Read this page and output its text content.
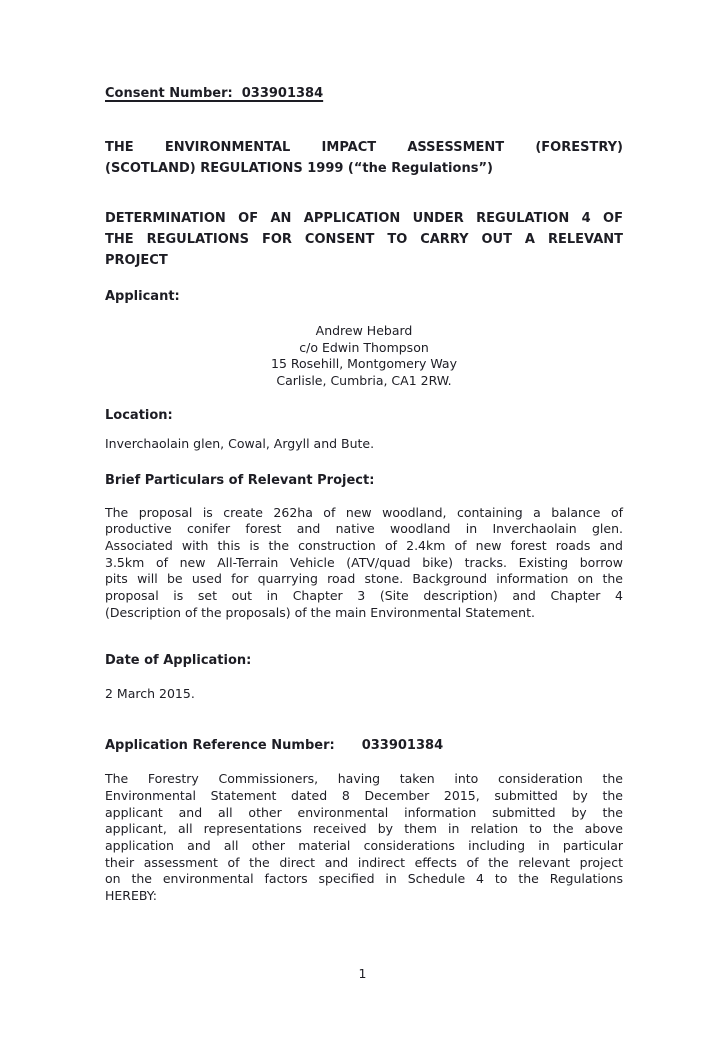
Consent Number:  033901384
THE ENVIRONMENTAL IMPACT ASSESSMENT (FORESTRY)
(SCOTLAND) REGULATIONS 1999 (“the Regulations”)
DETERMINATION OF AN APPLICATION UNDER REGULATION 4 OF
THE REGULATIONS FOR CONSENT TO CARRY OUT A RELEVANT
PROJECT
Applicant:
Andrew Hebard
c/o Edwin Thompson
15 Rosehill, Montgomery Way
Carlisle, Cumbria, CA1 2RW.
Location:
Inverchaolain glen, Cowal, Argyll and Bute.
Brief Particulars of Relevant Project:
The proposal is create 262ha of new woodland, containing a balance of
productive conifer forest and native woodland in Inverchaolain glen.
Associated with this is the construction of 2.4km of new forest roads and
3.5km of new All-Terrain Vehicle (ATV/quad bike) tracks. Existing borrow
pits will be used for quarrying road stone. Background information on the
proposal is set out in Chapter 3 (Site description) and Chapter 4
(Description of the proposals) of the main Environmental Statement.
Date of Application:
2 March 2015.
Application Reference Number: 033901384
The Forestry Commissioners, having taken into consideration the
Environmental Statement dated 8 December 2015, submitted by the
applicant and all other environmental information submitted by the
applicant, all representations received by them in relation to the above
application and all other material considerations including in particular
their assessment of the direct and indirect effects of the relevant project
on the environmental factors specified in Schedule 4 to the Regulations
HEREBY:
1
